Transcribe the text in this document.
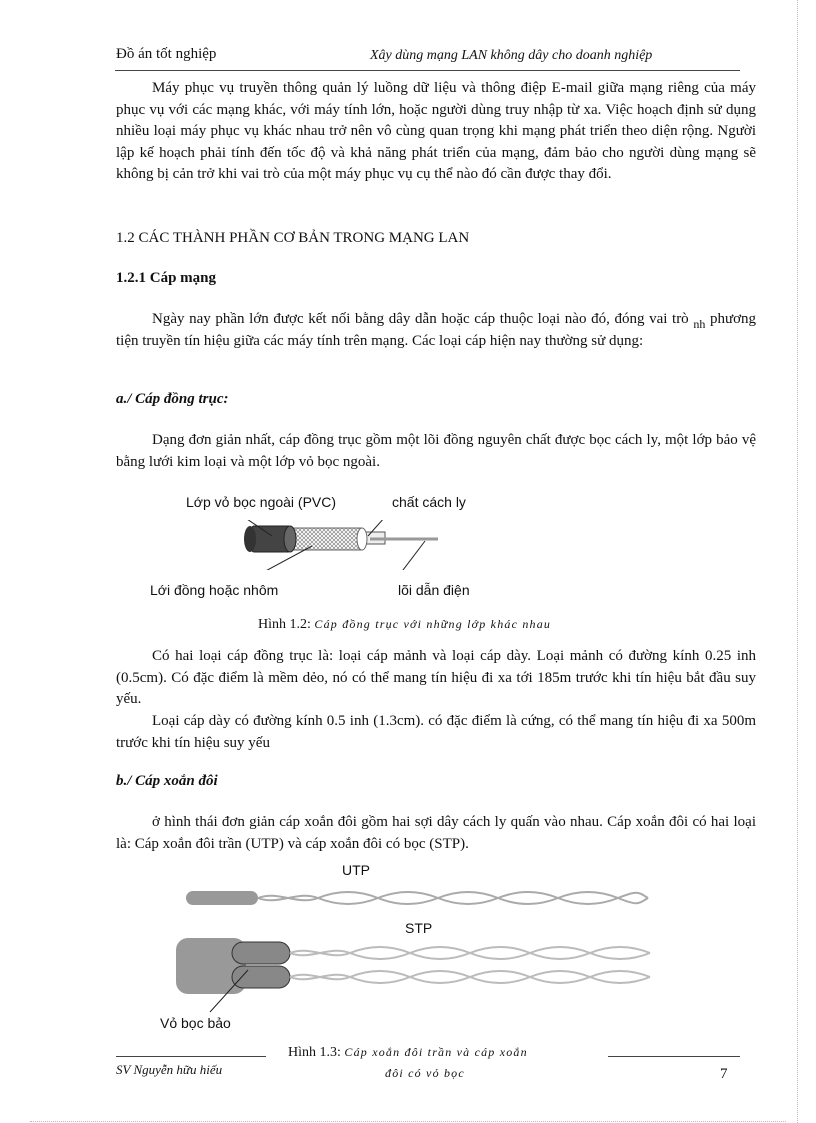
Đồ án tốt nghiệp	Xây dùng mạng LAN không dây cho doanh nghiệp
Máy phục vụ truyền thông quản lý luồng dữ liệu và thông điệp E-mail giữa mạng riêng của máy phục vụ với các mạng khác, với máy tính lớn, hoặc người dùng truy nhập từ xa. Việc hoạch định sử dụng nhiều loại máy phục vụ khác nhau trở nên vô cùng quan trọng khi mạng phát triển theo diện rộng. Người lập kế hoạch phải tính đến tốc độ và khả năng phát triển của mạng, đảm bảo cho người dùng mạng sẽ không bị cản trở khi vai trò của một máy phục vụ cụ thể nào đó cần được thay đổi.
1.2 CÁC THÀNH PHẦN CƠ BẢN TRONG MẠNG LAN
1.2.1 Cáp mạng
Ngày nay phần lớn được kết nối bằng dây dẫn hoặc cáp thuộc loại nào đó, đóng vai trò $_{nh}$ phương tiện truyền tín hiệu giữa các máy tính trên mạng. Các loại cáp hiện nay thường sử dụng:
a./ Cáp đồng trục:
Dạng đơn giản nhất, cáp đồng trục gồm một lõi đồng nguyên chất được bọc cách ly, một lớp bảo vệ bằng lưới kim loại và một lớp vỏ bọc ngoài.
Lớp vỏ bọc ngoài (PVC)	chất cách ly
Lới đồng hoặc nhôm	lõi dẫn điện
Hình 1.2: Cáp đồng trục với những lớp khác nhau
Có hai loại cáp đồng trục là: loại cáp mảnh và loại cáp dày. Loại mảnh có đường kính 0.25 inh (0.5cm). Có đặc điểm là mềm dẻo, nó có thể mang tín hiệu đi xa tới 185m trước khi tín hiệu bắt đầu suy yếu.
Loại cáp dày có đường kính 0.5 inh (1.3cm). có đặc điểm là cứng, có thể mang tín hiệu đi xa 500m trước khi tín hiệu suy yếu
b./ Cáp xoắn đôi
ở hình thái đơn giản cáp xoắn đôi gồm hai sợi dây cách ly quấn vào nhau. Cáp xoắn đôi có hai loại là: Cáp xoắn đôi trần (UTP) và cáp xoắn đôi có bọc (STP).
UTP
STP
Vỏ bọc bảo
Hình 1.3: Cáp xoắn đôi trần và cáp xoắn
đôi có vỏ bọc
SV Nguyễn hữu hiếu	7
